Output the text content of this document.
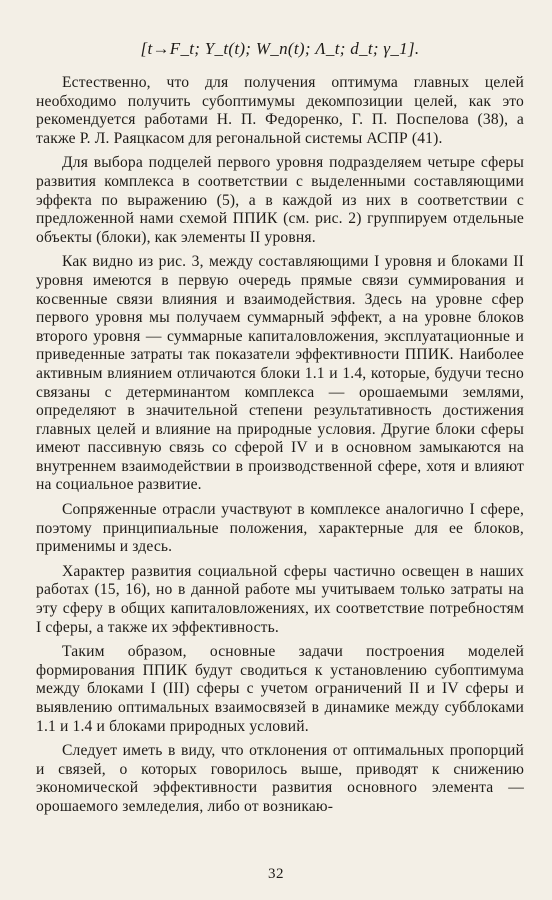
[t→F_t; Y_t(t); W_n(t); Λ_t; d_t; γ_1].

Естественно, что для получения оптимума главных целей необходимо получить субоптимумы декомпозиции целей, как это рекомендуется работами Н. П. Федоренко, Г. П. Поспелова (38), а также Р. Л. Раяцкасом для регональной системы АСПР (41).

Для выбора подцелей первого уровня подразделяем четыре сферы развития комплекса в соответствии с выделенными составляющими эффекта по выражению (5), а в каждой из них в соответствии с предложенной нами схемой ППИК (см. рис. 2) группируем отдельные объекты (блоки), как элементы II уровня.

Как видно из рис. 3, между составляющими I уровня и блоками II уровня имеются в первую очередь прямые связи суммирования и косвенные связи влияния и взаимодействия. Здесь на уровне сфер первого уровня мы получаем суммарный эффект, а на уровне блоков второго уровня — суммарные капиталовложения, эксплуатационные и приведенные затраты так показатели эффективности ППИК. Наиболее активным влиянием отличаются блоки 1.1 и 1.4, которые, будучи тесно связаны с детерминантом комплекса — орошаемыми землями, определяют в значительной степени результативность достижения главных целей и влияние на природные условия. Другие блоки сферы имеют пассивную связь со сферой IV и в основном замыкаются на внутреннем взаимодействии в производственной сфере, хотя и влияют на социальное развитие.

Сопряженные отрасли участвуют в комплексе аналогично I сфере, поэтому принципиальные положения, характерные для ее блоков, применимы и здесь.

Характер развития социальной сферы частично освещен в наших работах (15, 16), но в данной работе мы учитываем только затраты на эту сферу в общих капиталовложениях, их соответствие потребностям I сферы, а также их эффективность.

Таким образом, основные задачи построения моделей формирования ППИК будут сводиться к установлению субоптимума между блоками I (III) сферы с учетом ограничений II и IV сферы и выявлению оптимальных взаимосвязей в динамике между субблоками 1.1 и 1.4 и блоками природных условий.

Следует иметь в виду, что отклонения от оптимальных пропорций и связей, о которых говорилось выше, приводят к снижению экономической эффективности развития основного элемента — орошаемого земледелия, либо от возникаю-

32
